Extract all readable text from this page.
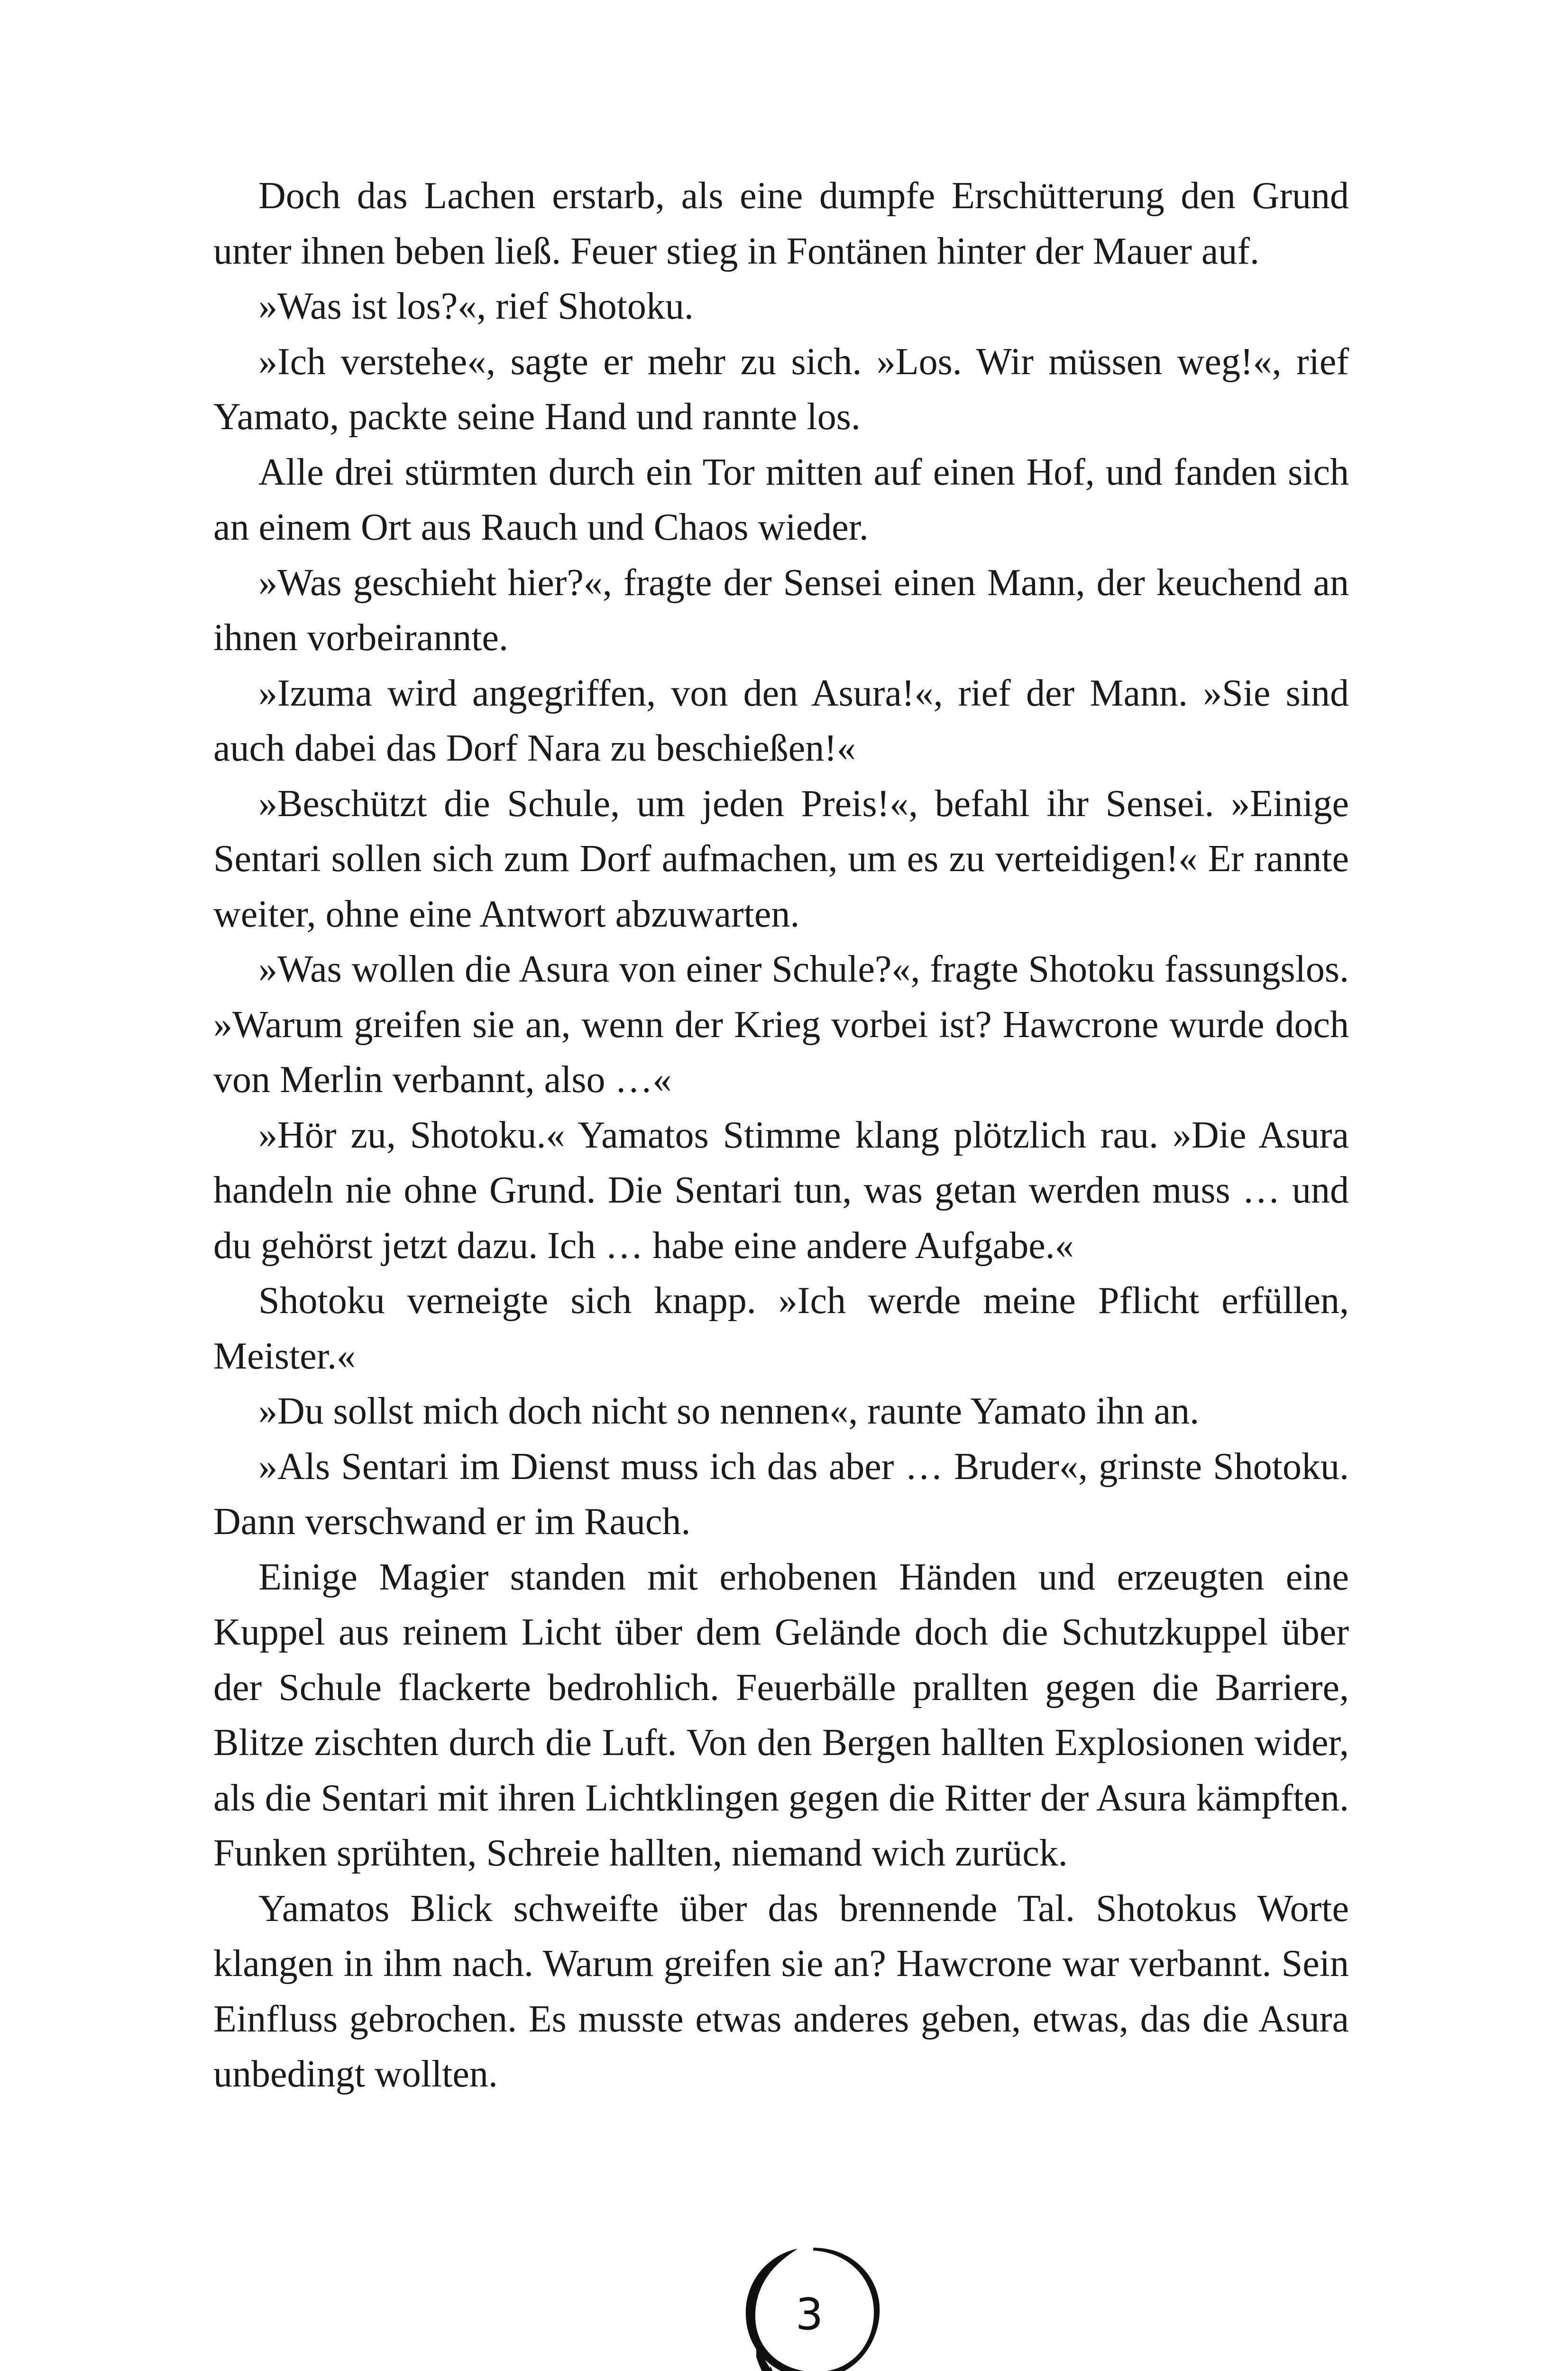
Doch das Lachen erstarb, als eine dumpfe Erschütterung den Grund unter ihnen beben ließ. Feuer stieg in Fontänen hinter der Mauer auf.

»Was ist los?«, rief Shotoku.

»Ich verstehe«, sagte er mehr zu sich. »Los. Wir müssen weg!«, rief Yamato, packte seine Hand und rannte los.

Alle drei stürmten durch ein Tor mitten auf einen Hof, und fanden sich an einem Ort aus Rauch und Chaos wieder.

»Was geschieht hier?«, fragte der Sensei einen Mann, der keuchend an ihnen vorbeirannte.

»Izuma wird angegriffen, von den Asura!«, rief der Mann. »Sie sind auch dabei das Dorf Nara zu beschießen!«

»Beschützt die Schule, um jeden Preis!«, befahl ihr Sensei. »Einige Sentari sollen sich zum Dorf aufmachen, um es zu verteidigen!« Er rannte weiter, ohne eine Antwort abzuwarten.

»Was wollen die Asura von einer Schule?«, fragte Shotoku fassungslos. »Warum greifen sie an, wenn der Krieg vorbei ist? Hawcrone wurde doch von Merlin verbannt, also …«

»Hör zu, Shotoku.« Yamatos Stimme klang plötzlich rau. »Die Asura handeln nie ohne Grund. Die Sentari tun, was getan werden muss … und du gehörst jetzt dazu. Ich … habe eine andere Aufgabe.«

Shotoku verneigte sich knapp. »Ich werde meine Pflicht erfüllen, Meister.«

»Du sollst mich doch nicht so nennen«, raunte Yamato ihn an.

»Als Sentari im Dienst muss ich das aber … Bruder«, grinste Shotoku. Dann verschwand er im Rauch.

Einige Magier standen mit erhobenen Händen und erzeugten eine Kuppel aus reinem Licht über dem Gelände doch die Schutzkuppel über der Schule flackerte bedrohlich. Feuerbälle prallten gegen die Barriere, Blitze zischten durch die Luft. Von den Bergen hallten Explosionen wider, als die Sentari mit ihren Lichtklingen gegen die Ritter der Asura kämpften. Funken sprühten, Schreie hallten, niemand wich zurück.

Yamatos Blick schweifte über das brennende Tal. Shotokus Worte klangen in ihm nach. Warum greifen sie an? Hawcrone war verbannt. Sein Einfluss gebrochen. Es musste etwas anderes geben, etwas, das die Asura unbedingt wollten.

3
